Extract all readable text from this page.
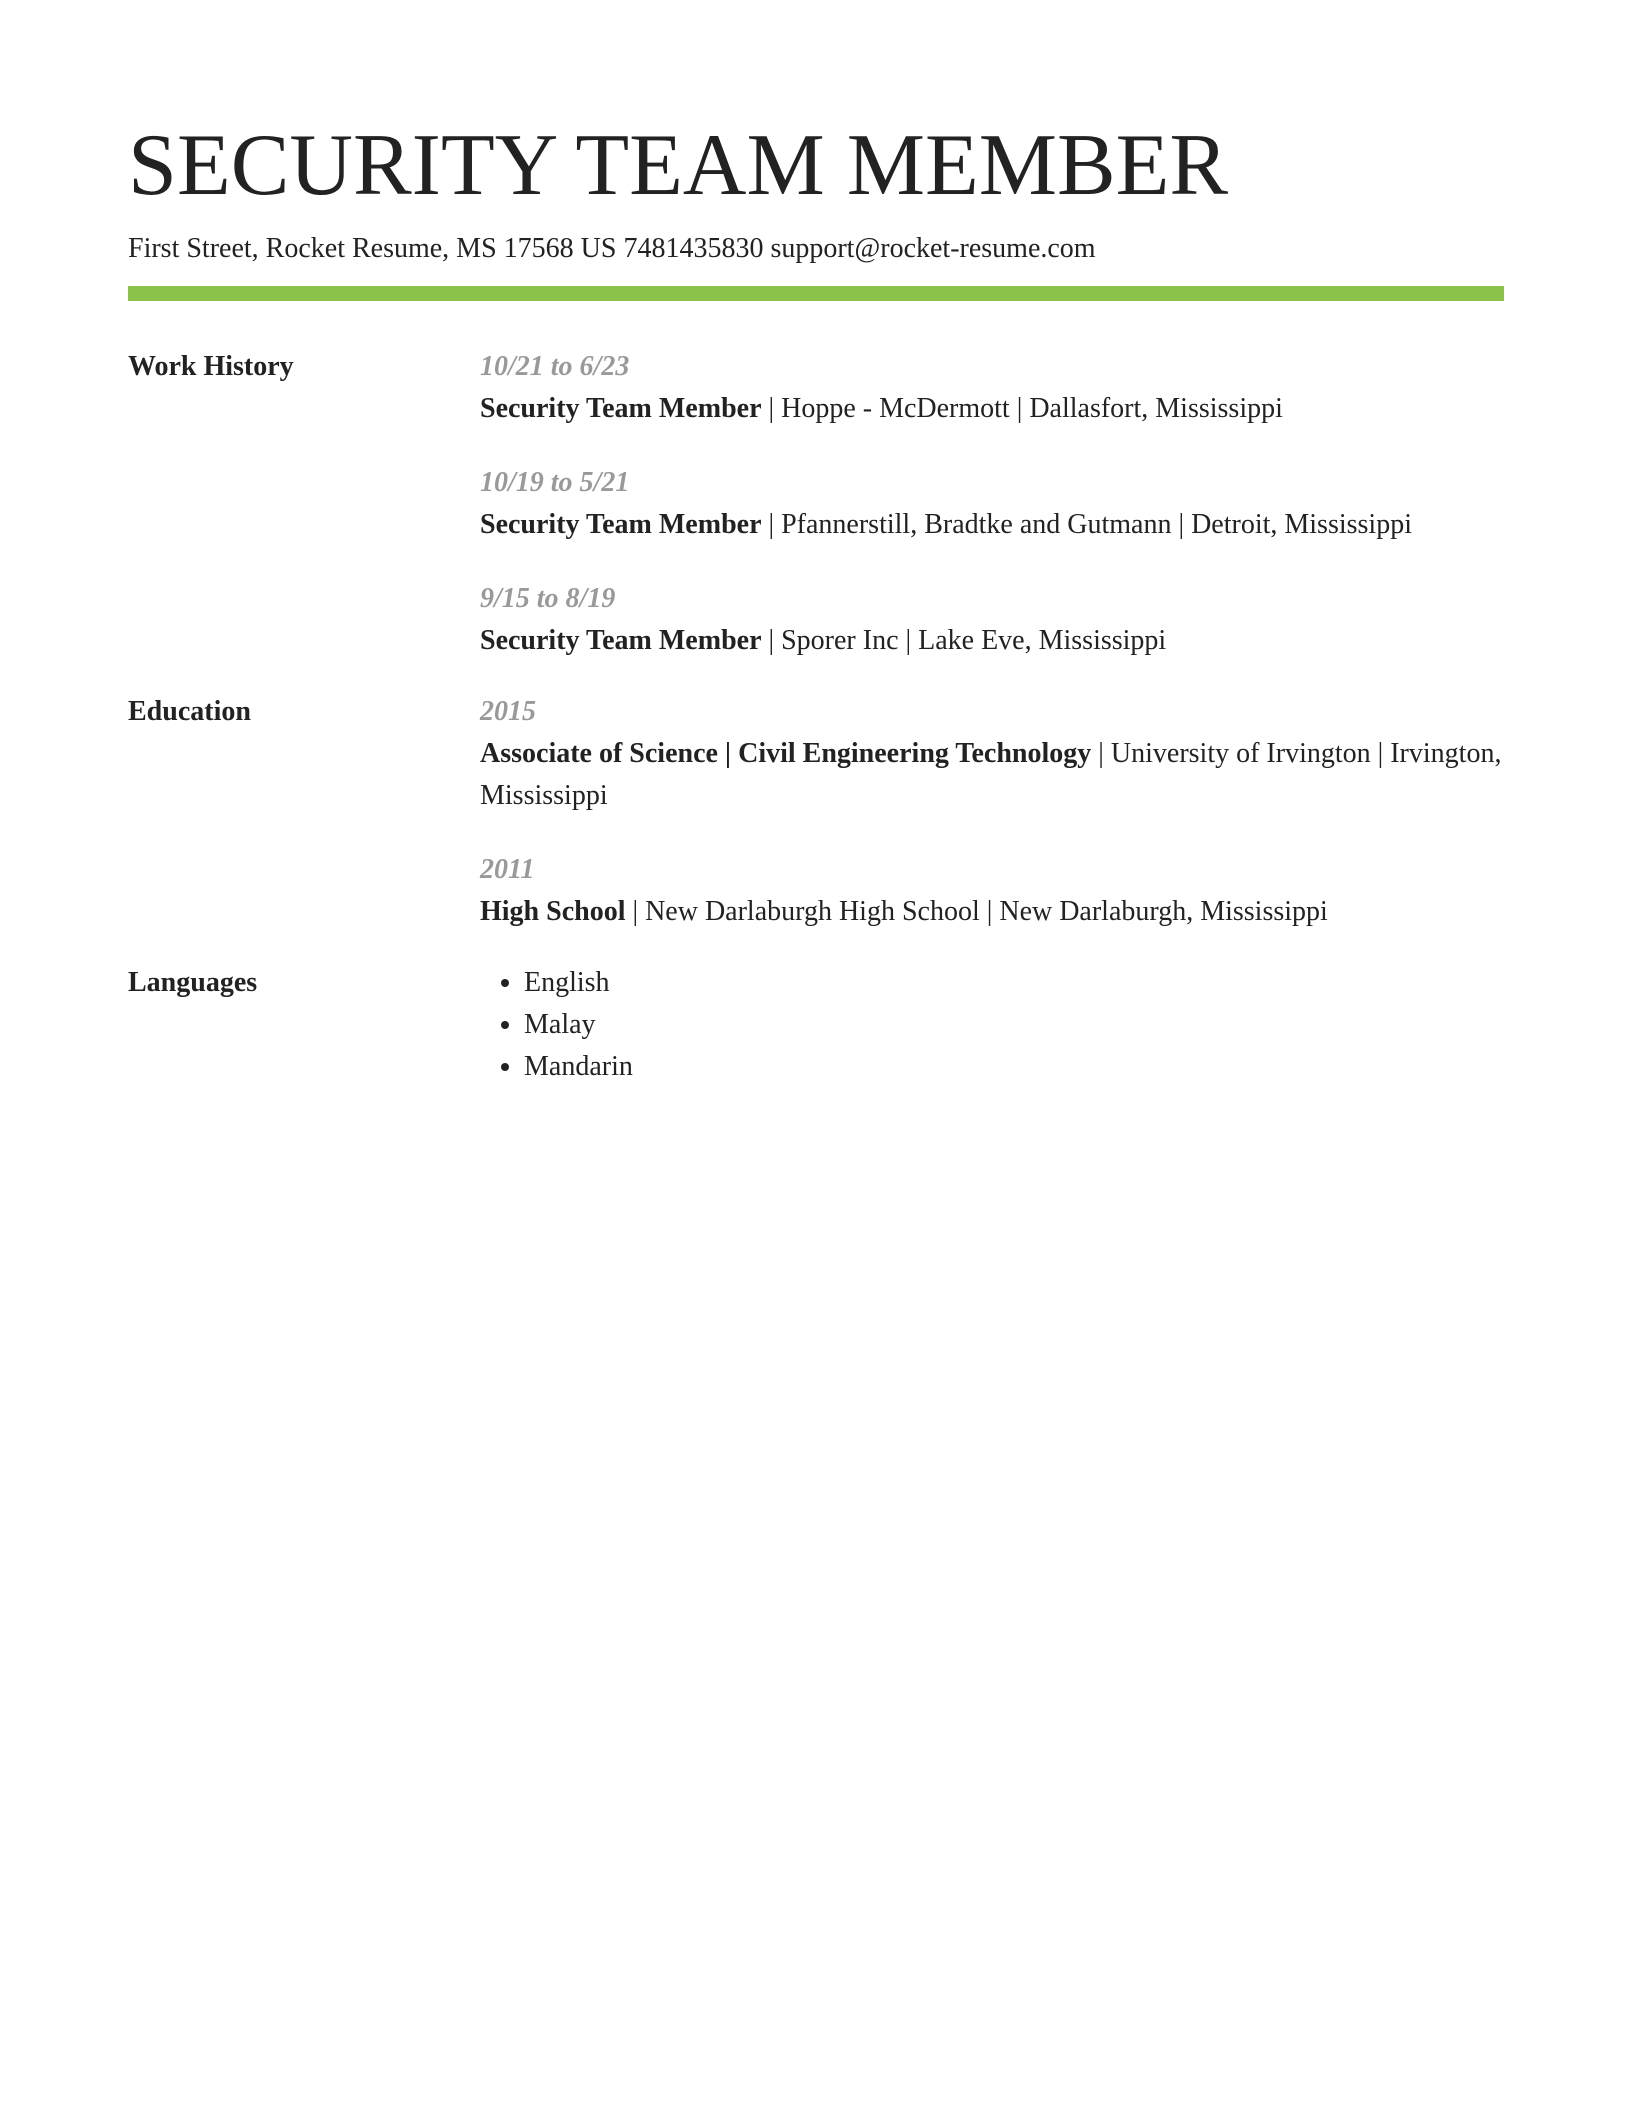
SECURITY TEAM MEMBER
First Street, Rocket Resume, MS 17568 US 7481435830 support@rocket-resume.com
Work History	10/21 to 6/23
Security Team Member | Hoppe - McDermott | Dallasfort, Mississippi
10/19 to 5/21
Security Team Member | Pfannerstill, Bradtke and Gutmann | Detroit, Mississippi
9/15 to 8/19
Security Team Member | Sporer Inc | Lake Eve, Mississippi
Education	2015
Associate of Science | Civil Engineering Technology | University of Irvington | Irvington, Mississippi
2011
High School | New Darlaburgh High School | New Darlaburgh, Mississippi
Languages
•	English
• Malay
• Mandarin
